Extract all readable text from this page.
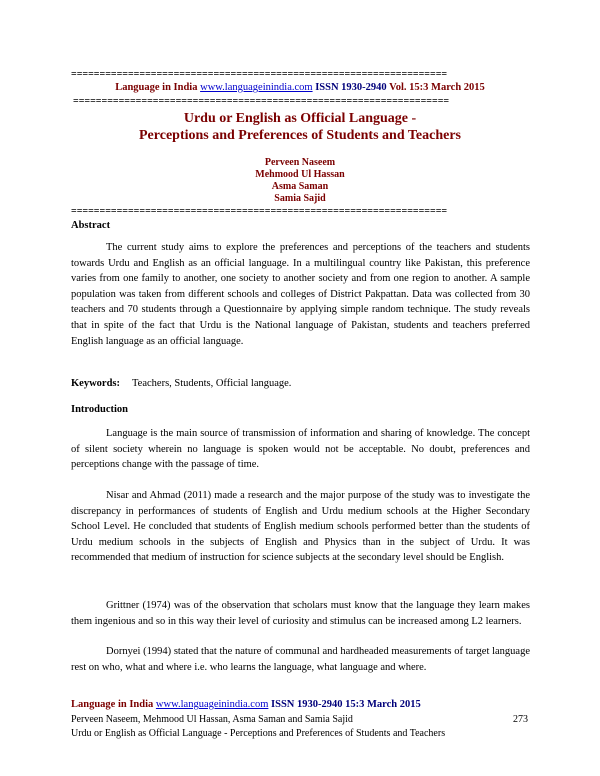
==================================================================
Language in India www.languageinindia.com ISSN 1930-2940 Vol. 15:3 March 2015
==================================================================
Urdu or English as Official Language -
Perceptions and Preferences of Students and Teachers
Perveen Naseem
Mehmood Ul Hassan
Asma Saman
Samia Sajid
==================================================================
Abstract
The current study aims to explore the preferences and perceptions of the teachers and students towards Urdu and English as an official language. In a multilingual country like Pakistan, this preference varies from one family to another, one society to another society and from one region to another. A sample population was taken from different schools and colleges of District Pakpattan. Data was collected from 30 teachers and 70 students through a Questionnaire by applying simple random technique. The study reveals that in spite of the fact that Urdu is the National language of Pakistan, students and teachers preferred English language as an official language.
Keywords: Teachers, Students, Official language.
Introduction
Language is the main source of transmission of information and sharing of knowledge. The concept of silent society wherein no language is spoken would not be acceptable. No doubt, preferences and perceptions change with the passage of time.
Nisar and Ahmad (2011) made a research and the major purpose of the study was to investigate the discrepancy in performances of students of English and Urdu medium schools at the Higher Secondary School Level. He concluded that students of English medium schools performed better than the students of Urdu medium schools in the subjects of English and Physics than in the subject of Urdu. It was recommended that medium of instruction for science subjects at the secondary level should be English.
Grittner (1974) was of the observation that scholars must know that the language they learn makes them ingenious and so in this way their level of curiosity and stimulus can be increased among L2 learners.
Dornyei (1994) stated that the nature of communal and hardheaded measurements of target language rest on who, what and where i.e. who learns the language, what language and where.
Language in India www.languageinindia.com ISSN 1930-2940 15:3 March 2015
Perveen Naseem, Mehmood Ul Hassan, Asma Saman and Samia Sajid	273
Urdu or English as Official Language - Perceptions and Preferences of Students and Teachers
